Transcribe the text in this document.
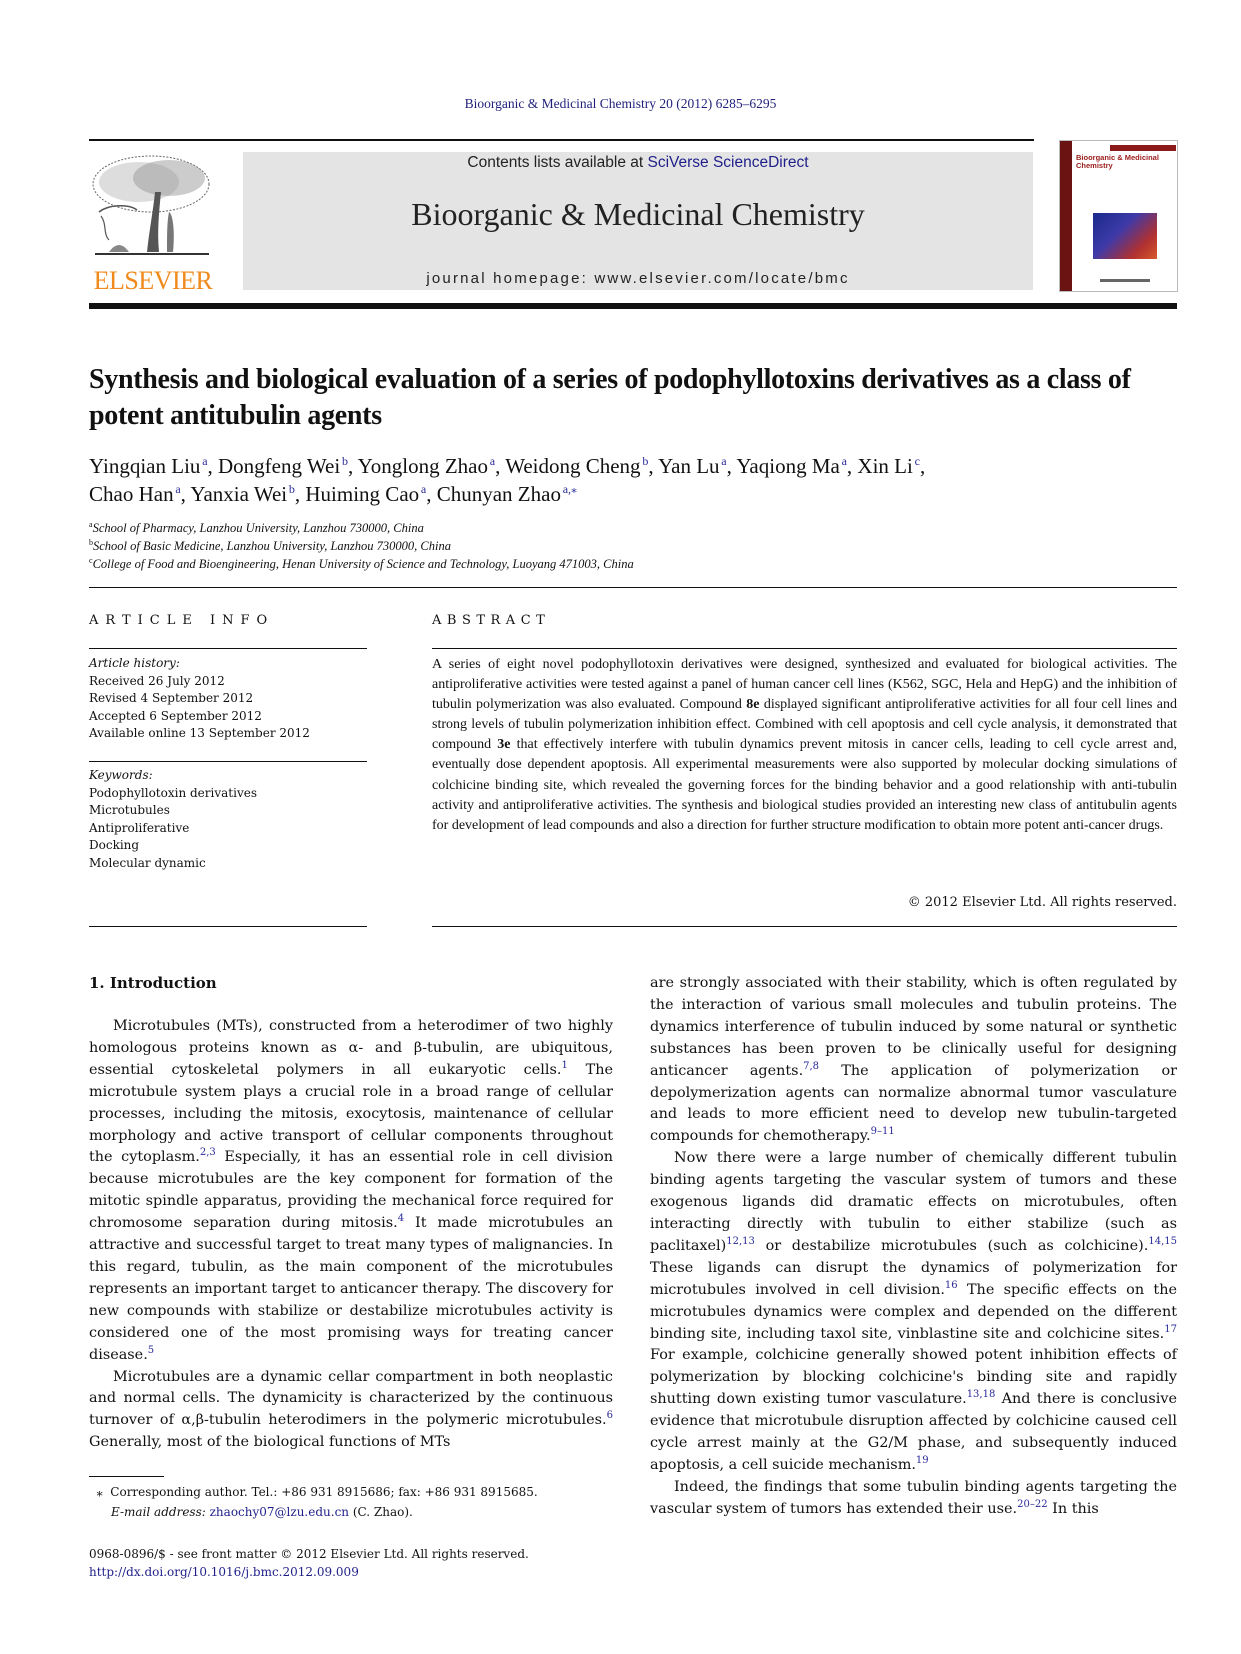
Bioorganic & Medicinal Chemistry 20 (2012) 6285–6295
ELSEVIER
Contents lists available at SciVerse ScienceDirect
Bioorganic & Medicinal Chemistry
journal homepage: www.elsevier.com/locate/bmc
Bioorganic & Medicinal Chemistry
Synthesis and biological evaluation of a series of podophyllotoxins derivatives as a class of potent antitubulin agents
Yingqian Liu  $^a$, Dongfeng Wei  $^b$, Yonglong Zhao  $^a$, Weidong Cheng  $^b$, Yan Lu  $^a$, Yaqiong Ma  $^a$, Xin Li  $^c$,
Chao Han  $^a$, Yanxia Wei  $^b$, Huiming Cao  $^a$, Chunyan Zhao  $^{a,⁎}$
$^a$School of Pharmacy, Lanzhou University, Lanzhou 730000, China
$^b$School of Basic Medicine, Lanzhou University, Lanzhou 730000, China
$^c$College of Food and Bioengineering, Henan University of Science and Technology, Luoyang 471003, China
ARTICLE INFO	ABSTRACT
Article history:
Received 26 July 2012
Revised 4 September 2012
Accepted 6 September 2012
Available online 13 September 2012
Keywords:
Podophyllotoxin derivatives
Microtubules
Antiproliferative
Docking
Molecular dynamic
A series of eight novel podophyllotoxin derivatives were designed, synthesized and evaluated for biological activities. The antiproliferative activities were tested against a panel of human cancer cell lines (K562, SGC, Hela and HepG) and the inhibition of tubulin polymerization was also evaluated. Compound 8e displayed significant antiproliferative activities for all four cell lines and strong levels of tubulin polymerization inhibition effect. Combined with cell apoptosis and cell cycle analysis, it demonstrated that compound 3e that effectively interfere with tubulin dynamics prevent mitosis in cancer cells, leading to cell cycle arrest and, eventually dose dependent apoptosis. All experimental measurements were also supported by molecular docking simulations of colchicine binding site, which revealed the governing forces for the binding behavior and a good relationship with anti-tubulin activity and antiproliferative activities. The synthesis and biological studies provided an interesting new class of antitubulin agents for development of lead compounds and also a direction for further structure modification to obtain more potent anti-cancer drugs.
© 2012 Elsevier Ltd. All rights reserved.
1. Introduction

Microtubules (MTs), constructed from a heterodimer of two highly homologous proteins known as α- and β-tubulin, are ubiquitous, essential cytoskeletal polymers in all eukaryotic cells.$^1$ The microtubule system plays a crucial role in a broad range of cellular processes, including the mitosis, exocytosis, maintenance of cellular morphology and active transport of cellular components throughout the cytoplasm.$^{2,3}$ Especially, it has an essential role in cell division because microtubules are the key component for formation of the mitotic spindle apparatus, providing the mechanical force required for chromosome separation during mitosis.$^4$ It made microtubules an attractive and successful target to treat many types of malignancies. In this regard, tubulin, as the main component of the microtubules represents an important target to anticancer therapy. The discovery for new compounds with stabilize or destabilize microtubules activity is considered one of the most promising ways for treating cancer disease.$^5$

Microtubules are a dynamic cellar compartment in both neoplastic and normal cells. The dynamicity is characterized by the continuous turnover of α,β-tubulin heterodimers in the polymeric microtubules.$^6$ Generally, most of the biological functions of MTs

are strongly associated with their stability, which is often regulated by the interaction of various small molecules and tubulin proteins. The dynamics interference of tubulin induced by some natural or synthetic substances has been proven to be clinically useful for designing anticancer agents.$^{7,8}$ The application of polymerization or depolymerization agents can normalize abnormal tumor vasculature and leads to more efficient need to develop new tubulin-targeted compounds for chemotherapy.$^{9-11}$

Now there were a large number of chemically different tubulin binding agents targeting the vascular system of tumors and these exogenous ligands did dramatic effects on microtubules, often interacting directly with tubulin to either stabilize (such as paclitaxel)$^{12,13}$ or destabilize microtubules (such as colchicine).$^{14,15}$ These ligands can disrupt the dynamics of polymerization for microtubules involved in cell division.$^{16}$ The specific effects on the microtubules dynamics were complex and depended on the different binding site, including taxol site, vinblastine site and colchicine sites.$^{17}$ For example, colchicine generally showed potent inhibition effects of polymerization by blocking colchicine's binding site and rapidly shutting down existing tumor vasculature.$^{13,18}$ And there is conclusive evidence that microtubule disruption affected by colchicine caused cell cycle arrest mainly at the G2/M phase, and subsequently induced apoptosis, a cell suicide mechanism.$^{19}$

Indeed, the findings that some tubulin binding agents targeting the vascular system of tumors has extended their use.$^{20-22}$ In this

⁎ Corresponding author. Tel.: +86 931 8915686; fax: +86 931 8915685.
E-mail address: zhaochy07@lzu.edu.cn (C. Zhao).
0968-0896/$ - see front matter © 2012 Elsevier Ltd. All rights reserved.
http://dx.doi.org/10.1016/j.bmc.2012.09.009
